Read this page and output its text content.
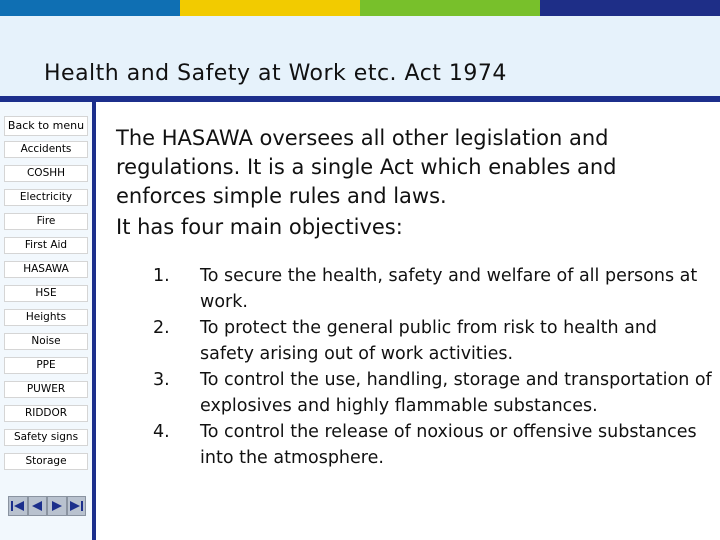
Health and Safety at Work etc. Act 1974
Back to menu
Accidents
COSHH
Electricity
Fire
First Aid
HASAWA
HSE
Heights
Noise
PPE
PUWER
RIDDOR
Safety signs
Storage

The HASAWA oversees all other legislation and regulations. It is a single Act which enables and enforces simple rules and laws.

It has four main objectives:

1. To secure the health, safety and welfare of all persons at work.
2. To protect the general public from risk to health and safety arising out of work activities.
3. To control the use, handling, storage and transportation of explosives and highly flammable substances.
4. To control the release of noxious or offensive substances into the atmosphere.
